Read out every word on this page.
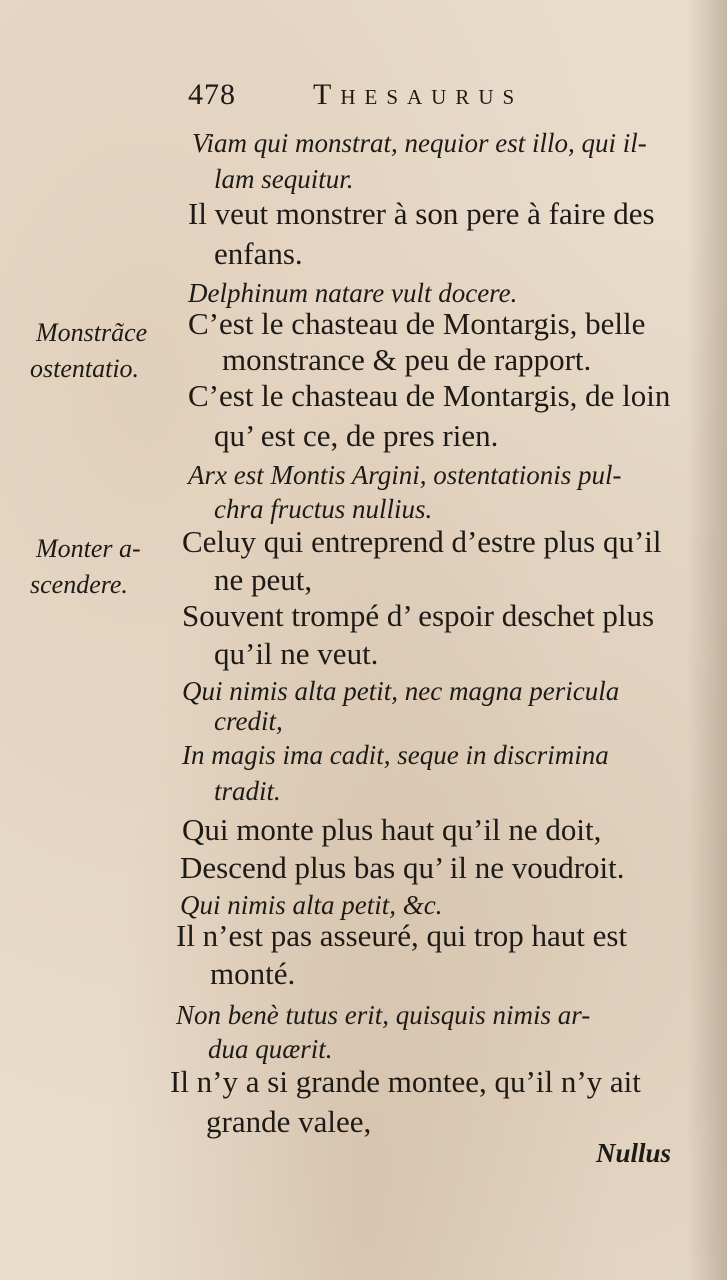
478	Thesaurus
Monstrãce
ostentatio.
Monter a-
scendere.
Viam qui monstrat, nequior est illo, qui il-
lam sequitur.
Il veut monstrer à son pere à faire des
enfans.
Delphinum natare vult docere.
C’est le chasteau de Montargis, belle
monstrance & peu de rapport.
C’est le chasteau de Montargis, de loin
qu’ est ce, de pres rien.
Arx est Montis Argini, ostentationis pul-
chra fructus nullius.
Celuy qui entreprend d’estre plus qu’il
ne peut,
Souvent trompé d’ espoir deschet plus
qu’il ne veut.
Qui nimis alta petit, nec magna pericula
credit,
In magis ima cadit, seque in discrimina
tradit.
Qui monte plus haut qu’il ne doit,
Descend plus bas qu’ il ne voudroit.
Qui nimis alta petit, &c.
Il n’est pas asseuré, qui trop haut est
monté.
Non benè tutus erit, quisquis nimis ar-
dua quærit.
Il n’y a si grande montee, qu’il n’y ait
grande valee,
Nullus
